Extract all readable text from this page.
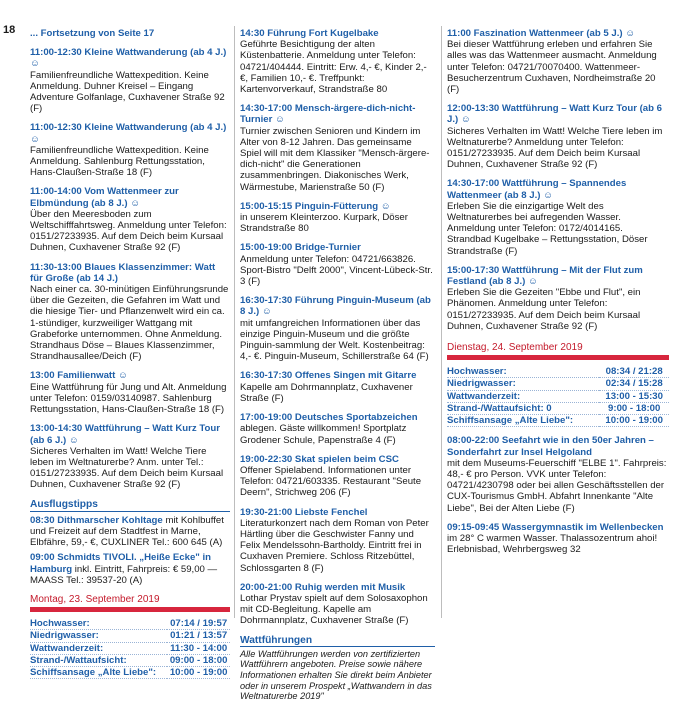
18 ... Fortsetzung von Seite 17
11:00-12:30 Kleine Wattwanderung (ab 4 J.) ☺
Familienfreundliche Wattexpedition. Keine Anmeldung. Duhner Kreisel – Eingang Adventure Golfanlage, Cuxhavener Straße 92 (F)
11:00-12:30 Kleine Wattwanderung (ab 4 J.) ☺
Familienfreundliche Wattexpedition. Keine Anmeldung. Sahlenburg Rettungsstation, Hans-Claußen-Straße 18 (F)
11:00-14:00 Vom Wattenmeer zur Elbmündung (ab 8 J.) ☺
Über den Meeresboden zum Weltschifffahrtsweg. Anmeldung unter Telefon: 0151/27233935. Auf dem Deich beim Kursaal Duhnen, Cuxhavener Straße 92 (F)
11:30-13:00 Blaues Klassenzimmer: Watt für Große (ab 14 J.)
Nach einer ca. 30-minütigen Einführungsrunde über die Gezeiten, die Gefahren im Watt und die hiesige Tier- und Pflanzenwelt wird ein ca. 1-stündiger, kurzweiliger Wattgang mit Grabeforke unternommen. Ohne Anmeldung. Strandhaus Döse – Blaues Klassenzimmer, Strandhausallee/Deich (F)
13:00 Familienwatt ☺
Eine Wattführung für Jung und Alt. Anmeldung unter Telefon: 0159/03140987. Sahlenburg Rettungsstation, Hans-Claußen-Straße 18 (F)
13:00-14:30 Wattführung – Watt Kurz Tour (ab 6 J.) ☺
Sicheres Verhalten im Watt! Welche Tiere leben im Weltnaturerbe? Anm. unter Tel.: 0151/27233935. Auf dem Deich beim Kursaal Duhnen, Cuxhavener Straße 92 (F)
Ausflugstipps
08:30 Dithmarscher Kohltage mit Kohlbuffet und Freizeit auf dem Stadtfest in Marne, Elbfähre, 59,- €, CUXLINER Tel.: 600 645 (A)
09:00 Schmidts TIVOLI. „Heiße Ecke" in Hamburg inkl. Eintritt, Fahrpreis: € 59,00 —MAASS Tel.: 39537-20 (A)
Montag, 23. September 2019
Hochwasser:	07:14 / 19:57
Niedrigwasser:	01:21 / 13:57
Wattwanderzeit:	11:30 - 14:00
Strand-/Wattaufsicht:	09:00 - 18:00
Schiffsansage „Alte Liebe":	10:00 - 19:00
14:30 Führung Fort Kugelbake
Geführte Besichtigung der alten Küstenbatterie. Anmeldung unter Telefon: 04721/404444. Eintritt: Erw. 4,- €, Kinder 2,- €, Familien 10,- €. Treffpunkt: Kartenvorverkauf, Strandstraße 80
14:30-17:00 Mensch-ärgere-dich-nicht-Turnier ☺
Turnier zwischen Senioren und Kindern im Alter von 8-12 Jahren. Das gemeinsame Spiel will mit dem Klassiker "Mensch-ärgere-dich-nicht" die Generationen zusammenbringen. Diakonisches Werk, Wärmestube, Marienstraße 50 (F)
15:00-15:15 Pinguin-Fütterung ☺
in unserem Kleinterzoo. Kurpark, Döser Strandstraße 80
15:00-19:00 Bridge-Turnier
Anmeldung unter Telefon: 04721/663826. Sport-Bistro "Delft 2000", Vincent-Lübeck-Str. 3 (F)
16:30-17:30 Führung Pinguin-Museum (ab 8 J.) ☺
mit umfangreichen Informationen über das einzige Pinguin-Museum und die größte Pinguin-sammlung der Welt. Kostenbeitrag: 4,- €. Pinguin-Museum, Schillerstraße 64 (F)
16:30-17:30 Offenes Singen mit Gitarre
Kapelle am Dohrmannplatz, Cuxhavener Straße (F)
17:00-19:00 Deutsches Sportabzeichen
ablegen. Gäste willkommen! Sportplatz Grodener Schule, Papenstraße 4 (F)
19:00-22:30 Skat spielen beim CSC
Offener Spielabend. Informationen unter Telefon: 04721/603335. Restaurant "Seute Deern", Strichweg 206 (F)
19:30-21:00 Liebste Fenchel
Literaturkonzert nach dem Roman von Peter Härtling über die Geschwister Fanny und Felix Mendelssohn-Bartholdy. Eintritt frei in Cuxhaven Premiere. Schloss Ritzebüttel, Schlossgarten 8 (F)
20:00-21:00 Ruhig werden mit Musik
Lothar Prystav spielt auf dem Solosaxophon mit CD-Begleitung. Kapelle am Dohrmannplatz, Cuxhavener Straße (F)
Wattführungen
Alle Wattführungen werden von zertifizierten Wattführern angeboten. Preise sowie nähere Informationen erhalten Sie direkt beim Anbieter oder in unserem Prospekt „Wattwandern in das Weltnaturerbe 2019"
11:00 Faszination Wattenmeer (ab 5 J.) ☺
Bei dieser Wattführung erleben und erfahren Sie alles was das Wattenmeer ausmacht. Anmeldung unter Telefon: 04721/70070400. Wattenmeer-Besucherzentrum Cuxhaven, Nordheimstraße 20 (F)
12:00-13:30 Wattführung – Watt Kurz Tour (ab 6 J.) ☺
Sicheres Verhalten im Watt! Welche Tiere leben im Weltnaturerbe? Anmeldung unter Telefon: 0151/27233935. Auf dem Deich beim Kursaal Duhnen, Cuxhavener Straße 92 (F)
14:30-17:00 Wattführung – Spannendes Wattenmeer (ab 8 J.) ☺
Erleben Sie die einzigartige Welt des Weltnaturerbes bei aufregenden Wasser. Anmeldung unter Telefon: 0172/4014165. Strandbad Kugelbake – Rettungsstation, Döser Strandstraße (F)
15:00-17:30 Wattführung – Mit der Flut zum Festland (ab 8 J.) ☺
Erleben Sie die Gezeiten "Ebbe und Flut", ein Phänomen. Anmeldung unter Telefon: 0151/27233935. Auf dem Deich beim Kursaal Duhnen, Cuxhavener Straße 92 (F)
Dienstag, 24. September 2019
Hochwasser:	08:34 / 21:28
Niedrigwasser:	02:34 / 15:28
Wattwanderzeit:	13:00 - 15:30
Strand-/Wattaufsicht: 0	9:00 - 18:00
Schiffsansage „Alte Liebe":	10:00 - 19:00
08:00-22:00 Seefahrt wie in den 50er Jahren – Sonderfahrt zur Insel Helgoland
mit dem Museums-Feuerschiff "ELBE 1". Fahrpreis: 48,- € pro Person. VVK unter Telefon: 04721/4230798 oder bei allen Geschäftsstellen der CUX-Tourismus GmbH. Abfahrt Innenkante "Alte Liebe", Bei der Alten Liebe (F)
09:15-09:45 Wassergymnastik im Wellenbecken
im 28° C warmen Wasser. Thalassozentrum ahoi! Erlebnisbad, Wehrbergsweg 32
